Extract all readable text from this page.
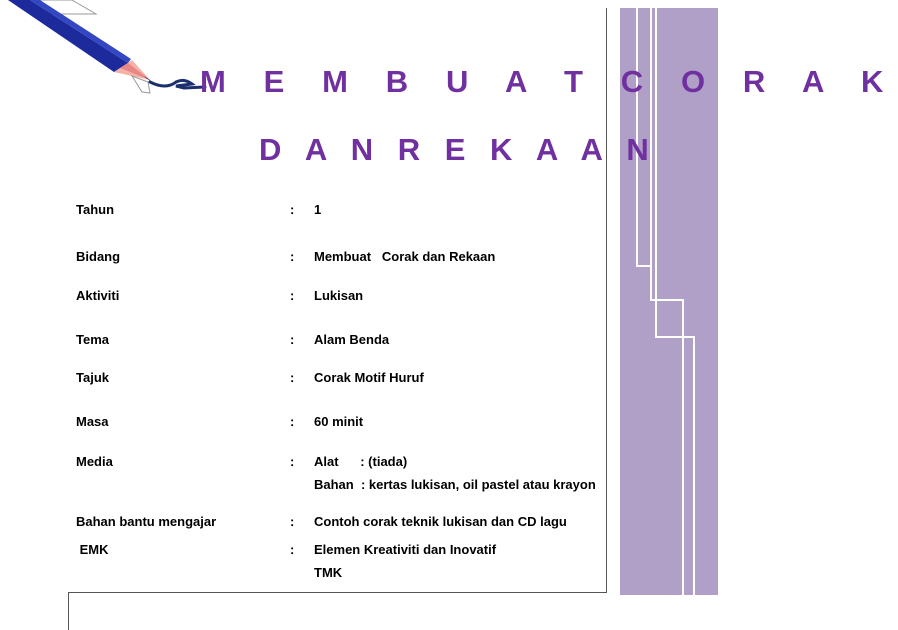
M E M B U A T C O R A K
D A N R E K A A N
Tahun	: 1
Bidang	: Membuat   Corak dan Rekaan
Aktiviti	: Lukisan
Tema	: Alam Benda
Tajuk	: Corak Motif Huruf
Masa	: 60 minit
Media	: Alat      : (tiada)
Bahan  : kertas lukisan, oil pastel atau krayon
Bahan bantu mengajar	: Contoh corak teknik lukisan dan CD lagu
EMK	: Elemen Kreativiti dan Inovatif
TMK
